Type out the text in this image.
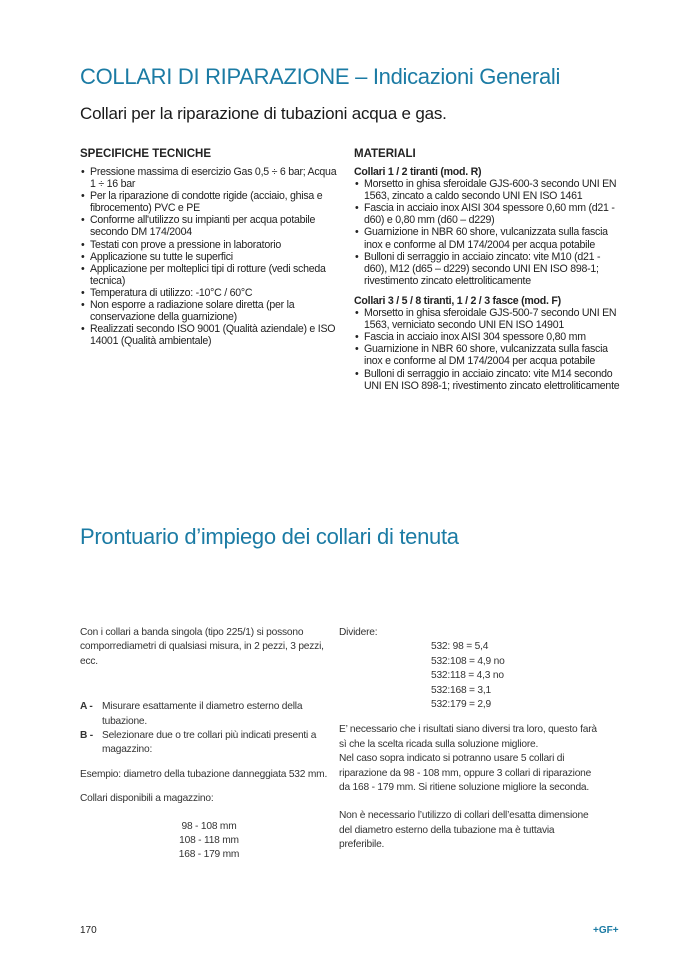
COLLARI DI RIPARAZIONE – Indicazioni Generali
Collari per la riparazione di tubazioni acqua e gas.
SPECIFICHE TECNICHE
• Pressione massima di esercizio Gas 0,5 ÷ 6 bar; Acqua 1 ÷ 16 bar
• Per la riparazione di condotte rigide (acciaio, ghisa e fibrocemento) PVC e PE
• Conforme all'utilizzo su impianti per acqua potabile secondo DM 174/2004
• Testati con prove a pressione in laboratorio
• Applicazione su tutte le superfici
• Applicazione per molteplici tipi di rotture (vedi scheda tecnica)
• Temperatura di utilizzo: -10°C / 60°C
• Non esporre a radiazione solare diretta (per la conservazione della guarnizione)
• Realizzati secondo ISO 9001 (Qualità aziendale) e ISO 14001 (Qualità ambientale)
MATERIALI
Collari 1 / 2 tiranti (mod. R)
• Morsetto in ghisa sferoidale GJS-600-3 secondo UNI EN 1563, zincato a caldo secondo UNI EN ISO 1461
• Fascia in acciaio inox AISI 304 spessore 0,60 mm (d21 - d60) e 0,80 mm (d60 – d229)
• Guarnizione in NBR 60 shore, vulcanizzata sulla fascia inox e conforme al DM 174/2004 per acqua potabile
• Bulloni di serraggio in acciaio zincato: vite M10 (d21 - d60), M12 (d65 – d229) secondo UNI EN ISO 898-1; rivestimento zincato elettroliticamente
Collari 3 / 5 / 8 tiranti, 1 / 2 / 3 fasce (mod. F)
• Morsetto in ghisa sferoidale GJS-500-7 secondo UNI EN 1563, verniciato secondo UNI EN ISO 14901
• Fascia in acciaio inox AISI 304 spessore 0,80 mm
• Guarnizione in NBR 60 shore, vulcanizzata sulla fascia inox e conforme al DM 174/2004 per acqua potabile
• Bulloni di serraggio in acciaio zincato: vite M14 secondo UNI EN ISO 898-1; rivestimento zincato elettroliticamente
Prontuario d’impiego dei collari di tenuta

Con i collari a banda singola (tipo 225/1) si possono comporrediametri di qualsiasi misura, in 2 pezzi, 3 pezzi, ecc.

A - Misurare esattamente il diametro esterno della tubazione.
B - Selezionare due o tre collari più indicati presenti a magazzino:

Esempio: diametro della tubazione danneggiata 532 mm.

Collari disponibili a magazzino:

98 - 108 mm
108 - 118 mm
168 - 179 mm

Dividere:

532: 98 = 5,4
532:108 = 4,9 no
532:118 = 4,3 no
532:168 = 3,1
532:179 = 2,9

E’ necessario che i risultati siano diversi tra loro, questo farà sì che la scelta ricada sulla soluzione migliore.

Nel caso sopra indicato si potranno usare 5 collari di riparazione da 98 - 108 mm, oppure 3 collari di riparazione da 168 - 179 mm. Si ritiene soluzione migliore la seconda.

Non è necessario l’utilizzo di collari dell’esatta dimensione del diametro esterno della tubazione ma è tuttavia preferibile.

170	+GF+
